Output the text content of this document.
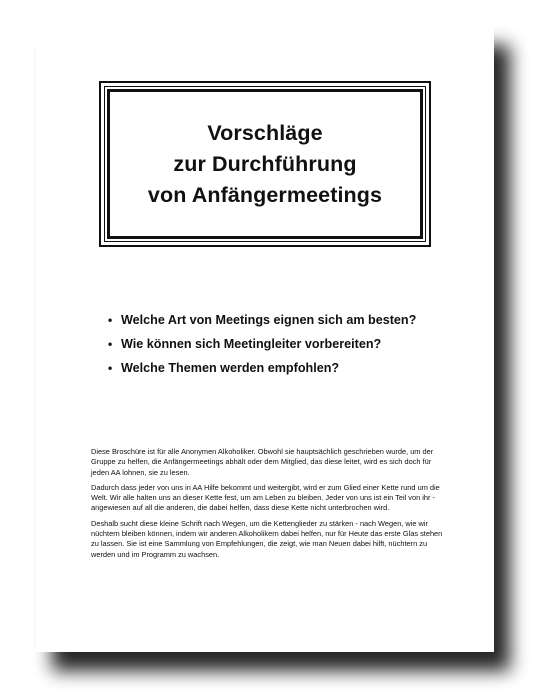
Vorschläge
zur Durchführung
von Anfängermeetings
• Welche Art von Meetings eignen sich am besten?
• Wie können sich Meetingleiter vorbereiten?
• Welche Themen werden empfohlen?

Diese Broschüre ist für alle Anonymen Alkoholiker. Obwohl sie hauptsächlich geschrieben wurde, um der Gruppe zu helfen, die Anfängermeetings abhält oder dem Mitglied, das diese leitet, wird es sich doch für jeden AA lohnen, sie zu lesen.

Dadurch dass jeder von uns in AA Hilfe bekommt und weitergibt, wird er zum Glied einer Kette rund um die Welt. Wir alle halten uns an dieser Kette fest, um am Leben zu bleiben. Jeder von uns ist ein Teil von ihr - angewiesen auf all die anderen, die dabei helfen, dass diese Kette nicht unterbrochen wird.

Deshalb sucht diese kleine Schrift nach Wegen, um die Kettenglieder zu stärken - nach Wegen, wie wir nüchtern bleiben können, indem wir anderen Alkoholikern dabei helfen, nur für Heute das erste Glas stehen zu lassen. Sie ist eine Sammlung von Empfehlungen, die zeigt, wie man Neuen dabei hilft, nüchtern zu werden und im Programm zu wachsen.
